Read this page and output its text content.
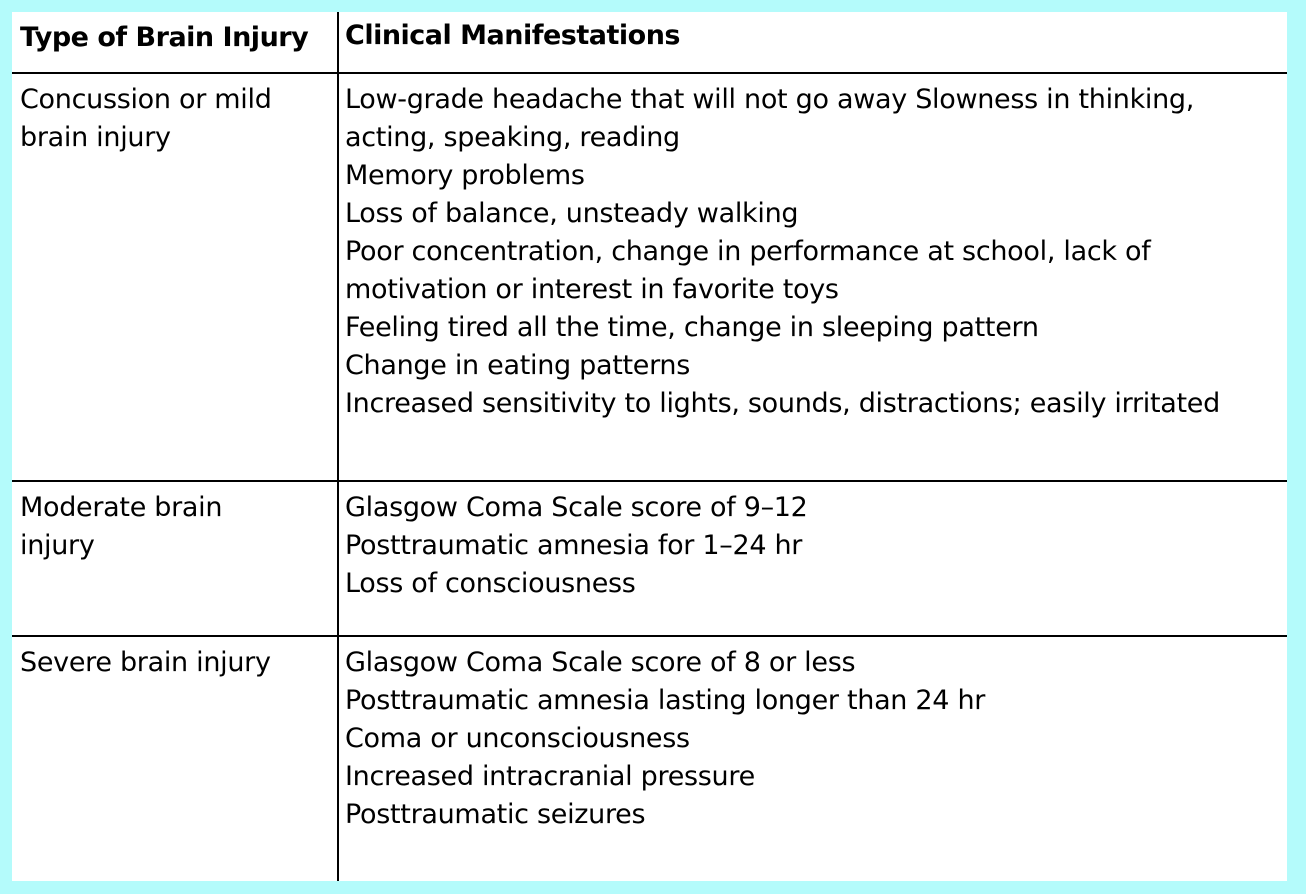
Type of Brain Injury	Clinical Manifestations
Concussion or mild
brain injury
Low-grade headache that will not go away Slowness in thinking,
acting, speaking, reading
Memory problems
Loss of balance, unsteady walking
Poor concentration, change in performance at school, lack of
motivation or interest in favorite toys
Feeling tired all the time, change in sleeping pattern
Change in eating patterns
Increased sensitivity to lights, sounds, distractions; easily irritated
Moderate brain
injury
Glasgow Coma Scale score of 9–12
Posttraumatic amnesia for 1–24 hr
Loss of consciousness
Severe brain injury	Glasgow Coma Scale score of 8 or less
Posttraumatic amnesia lasting longer than 24 hr
Coma or unconsciousness
Increased intracranial pressure
Posttraumatic seizures
